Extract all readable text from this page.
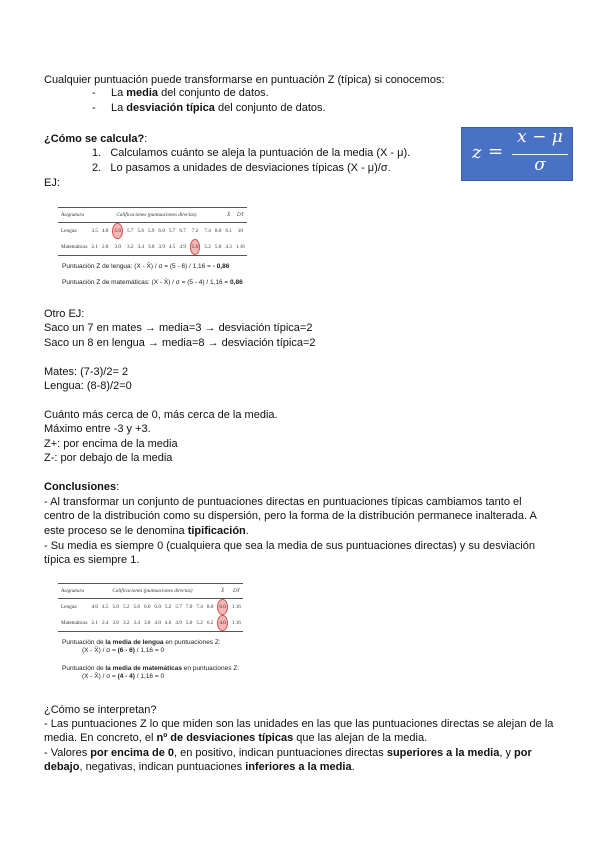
Cualquier puntuación puede transformarse en puntuación Z (típica) si conocemos:
-     La media del conjunto de datos.
-     La desviación típica del conjunto de datos.
¿Cómo se calcula?:
1. Calculamos cuánto se aleja la puntuación de la media (X - μ).
2. Lo pasamos a unidades de desviaciones típicas (X - μ)/σ.
EJ:
z =
x − μ
σ
Asignatura	Calificaciones (puntuaciones directas)												X̄	DT
Lengua	3.5	4.8	5.0	5.7	5.6	5.9	6.0	5.7	6.7	7.2	7.4	8.0	6.1	10
Matemáticas	2.1	2.8	3.0	3.2	3.4	3.8	3.9	4.5	4.9	5.0	5.2	5.0	4.3	1.16
Puntuación Z de lengua: (X - X̄) / σ = (5 - 6) / 1,16 = - 0,86
Puntuación Z de matemáticas: (X - X̄) / σ = (5 - 4) / 1,16 = 0,86
Otro EJ:
Saco un 7 en mates → media=3 → desviación típica=2
Saco un 8 en lengua → media=8 → desviación típica=2
Mates: (7-3)/2= 2
Lengua: (8-8)/2=0
Cuánto más cerca de 0, más cerca de la media.
Máximo entre -3 y +3.
Z+: por encima de la media
Z-: por debajo de la media
Conclusiones:
- Al transformar un conjunto de puntuaciones directas en puntuaciones típicas cambiamos tanto el
centro de la distribución como su dispersión, pero la forma de la distribución permanece inalterada. A
este proceso se le denomina tipificación.
- Su media es siempre 0 (cualquiera que sea la media de sus puntuaciones directas) y su desviación
típica es siempre 1.
Asignatura	Calificaciones (puntuaciones directas)												X̄	DT
Lengua	4.0	4.5	5.0	5.2	5.6	6.0	6.0	5.2	5.7	7.0	7.4	8.0	6.0	1.16
Matemáticas	2.1	2.4	3.0	3.2	3.4	3.8	4.0	4.6	4.9	5.0	5.2	6.2	4.0	1.16
Puntuación de la media de lengua en puntuaciones Z:
(X - X̄) / σ = (6 - 6) / 1,16 = 0
Puntuación de la media de matemáticas en puntuaciones Z:
(X - X̄) / σ = (4 - 4) / 1,16 = 0
¿Cómo se interpretan?
- Las puntuaciones Z lo que miden son las unidades en las que las puntuaciones directas se alejan de la
media. En concreto, el nº de desviaciones típicas que las alejan de la media.
- Valores por encima de 0, en positivo, indican puntuaciones directas superiores a la media, y por
debajo, negativas, indican puntuaciones inferiores a la media.
